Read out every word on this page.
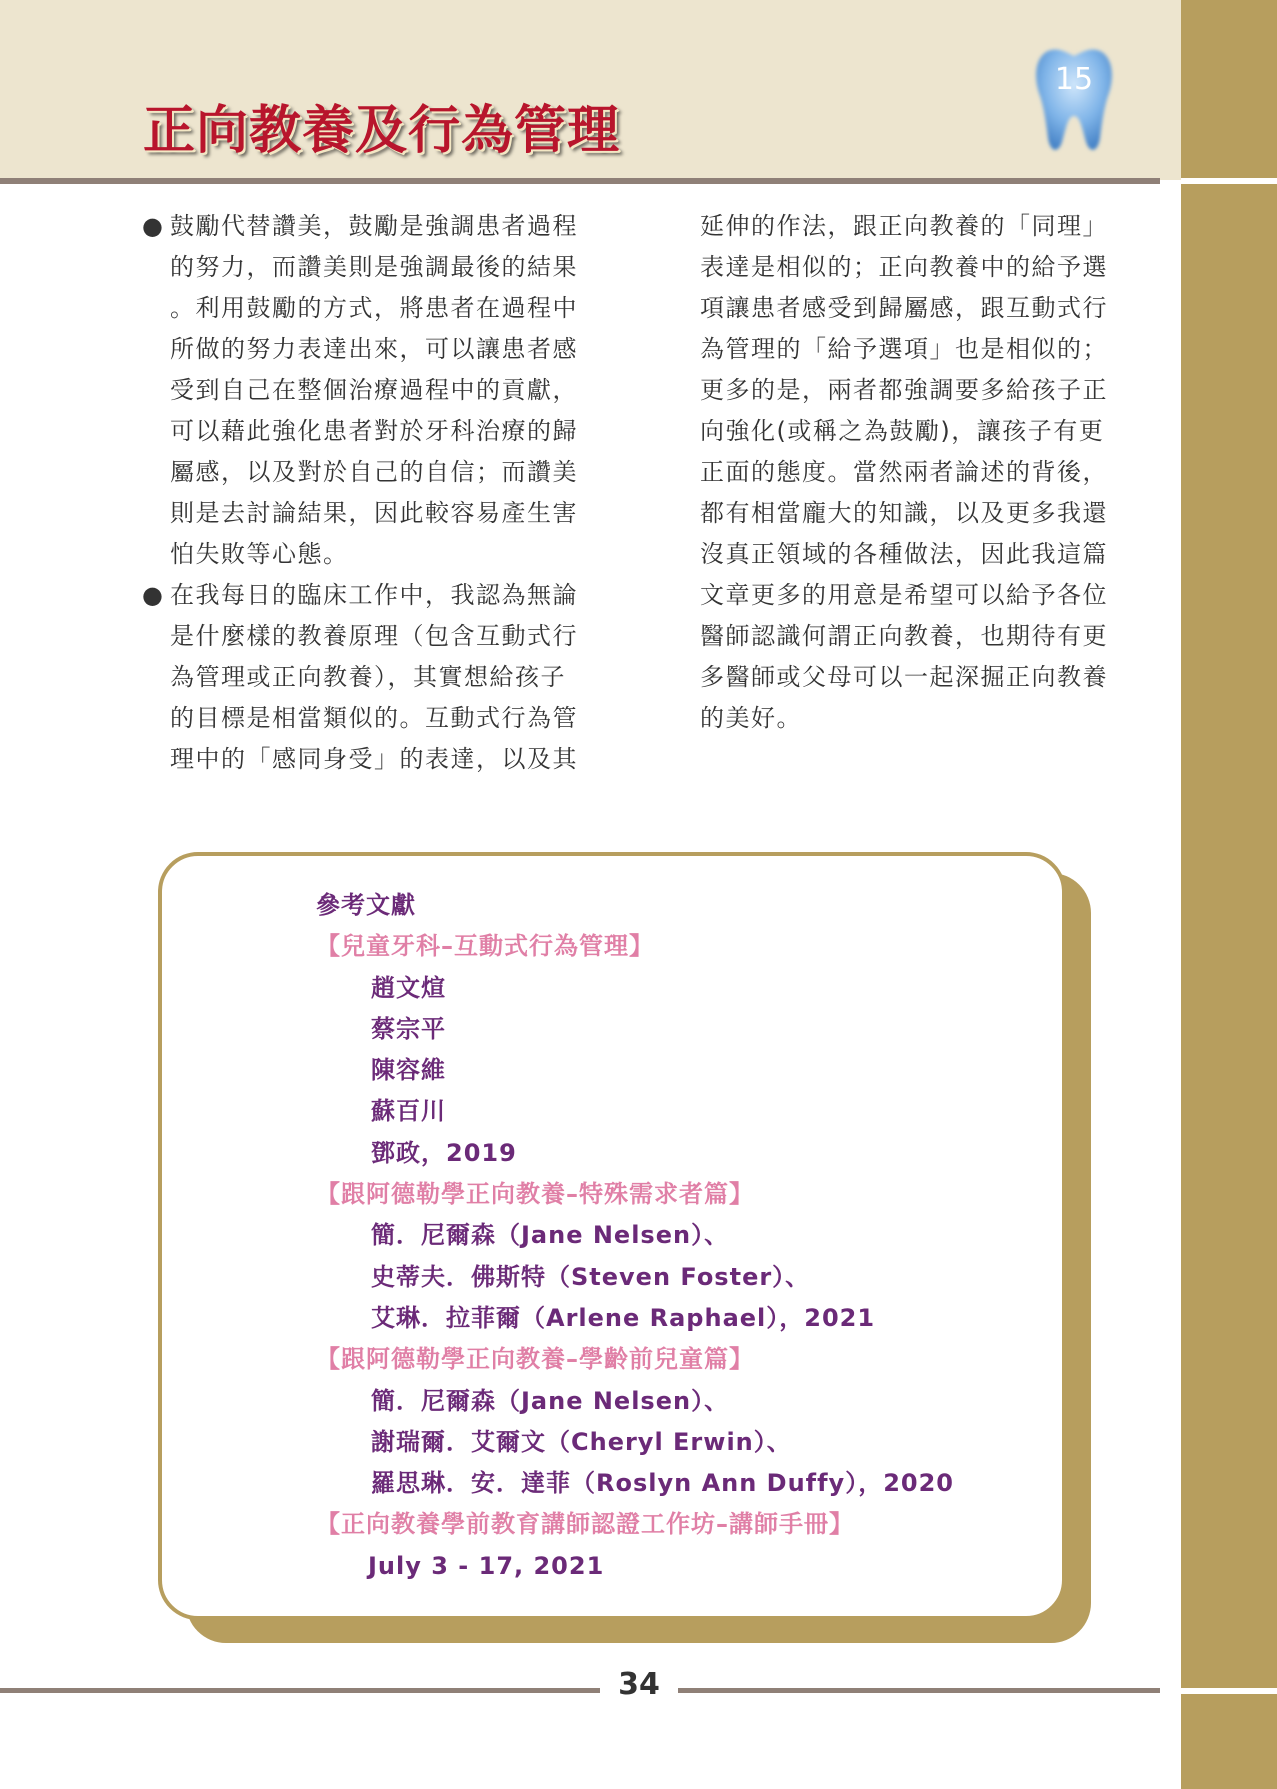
正向教養及行為管理
15
● 鼓勵代替讚美，鼓勵是強調患者過程
的努力，而讚美則是強調最後的結果
。利用鼓勵的方式，將患者在過程中
所做的努力表達出來，可以讓患者感
受到自己在整個治療過程中的貢獻，
可以藉此強化患者對於牙科治療的歸
屬感，以及對於自己的自信；而讚美
則是去討論結果，因此較容易產生害
怕失敗等心態。
● 在我每日的臨床工作中，我認為無論
是什麼樣的教養原理（包含互動式行
為管理或正向教養），其實想給孩子
的目標是相當類似的。互動式行為管
理中的「感同身受」的表達，以及其
延伸的作法，跟正向教養的「同理」
表達是相似的；正向教養中的給予選
項讓患者感受到歸屬感，跟互動式行
為管理的「給予選項」也是相似的；
更多的是，兩者都強調要多給孩子正
向強化(或稱之為鼓勵)，讓孩子有更
正面的態度。當然兩者論述的背後，
都有相當龐大的知識，以及更多我還
沒真正領域的各種做法，因此我這篇
文章更多的用意是希望可以給予各位
醫師認識何謂正向教養，也期待有更
多醫師或父母可以一起深掘正向教養
的美好。
參考文獻
【兒童牙科–互動式行為管理】
趙文煊
蔡宗平
陳容維
蘇百川
鄧政，2019
【跟阿德勒學正向教養–特殊需求者篇】
簡．尼爾森（Jane Nelsen）、
史蒂夫．佛斯特（Steven Foster）、
艾琳．拉菲爾（Arlene Raphael），2021
【跟阿德勒學正向教養–學齡前兒童篇】
簡．尼爾森（Jane Nelsen）、
謝瑞爾．艾爾文（Cheryl Erwin）、
羅思琳．安．達菲（Roslyn Ann Duffy），2020
【正向教養學前教育講師認證工作坊–講師手冊】
July 3 - 17, 2021
34
